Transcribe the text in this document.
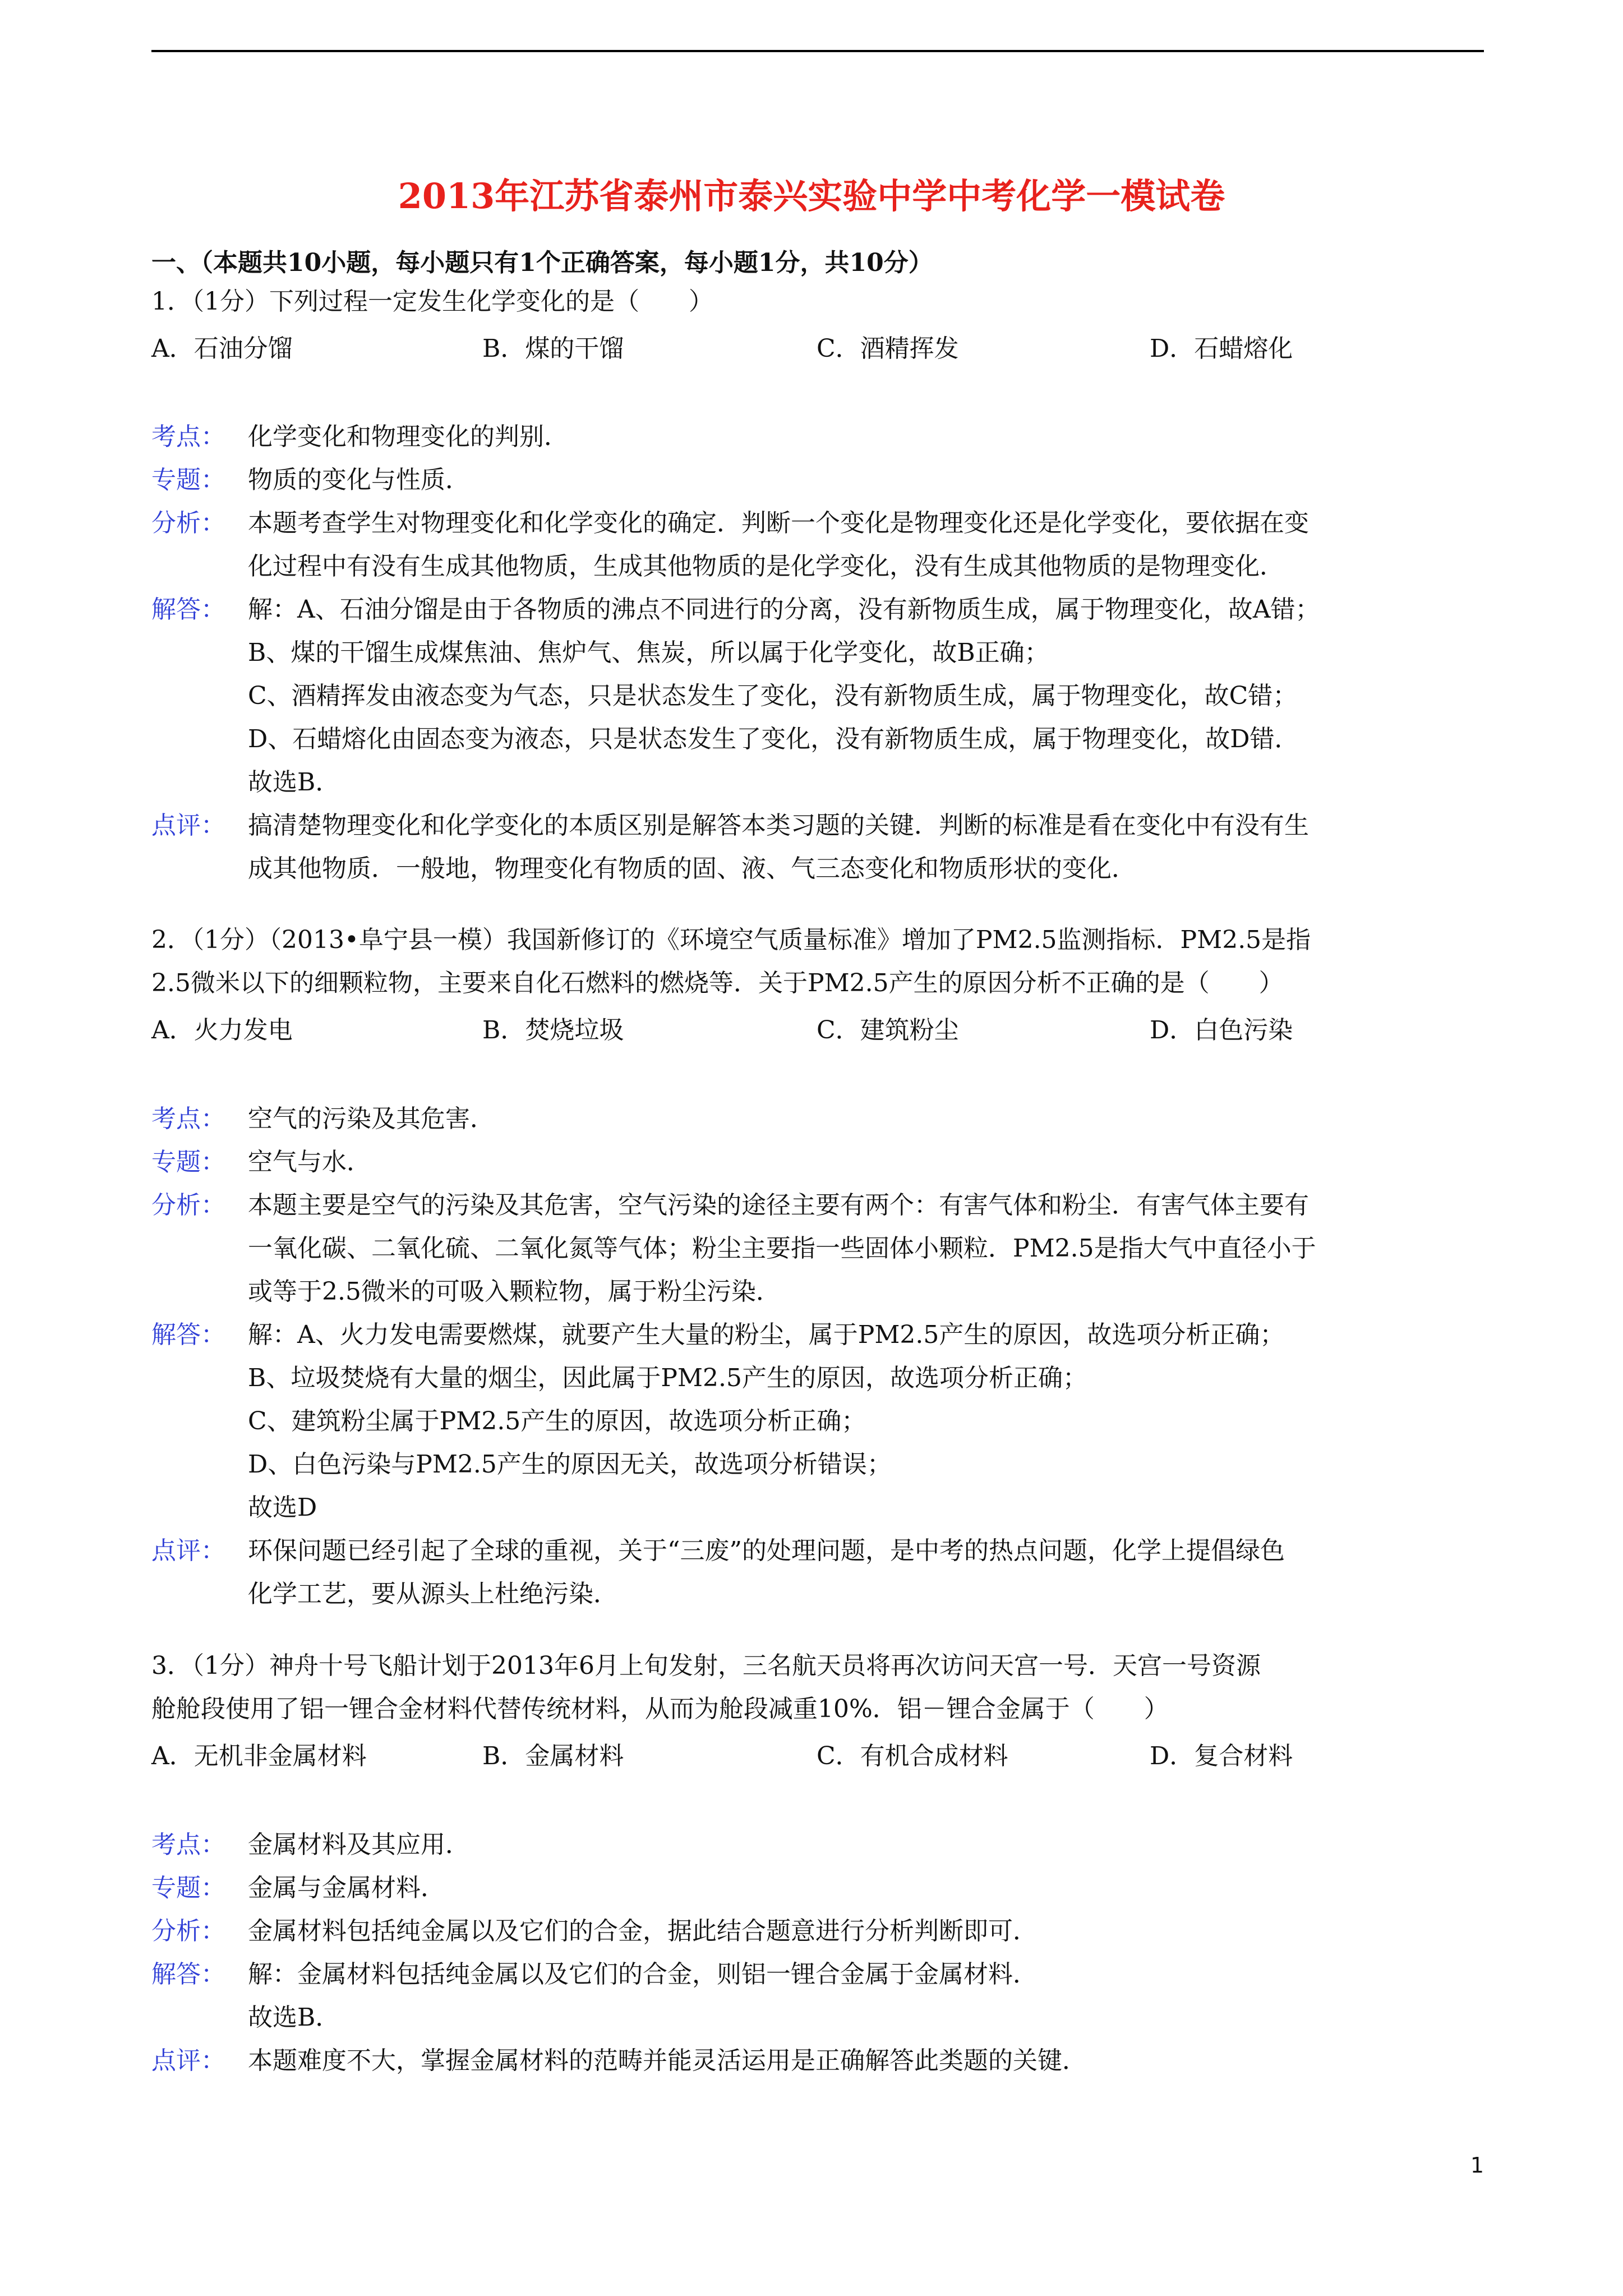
2013年江苏省泰州市泰兴实验中学中考化学一模试卷
一、（本题共10小题，每小题只有1个正确答案，每小题1分，共10分）
1．（1分）下列过程一定发生化学变化的是（　　）
A．石油分馏	B．煤的干馏	C．酒精挥发	D．石蜡熔化
考点： 化学变化和物理变化的判别．
专题： 物质的变化与性质．
分析： 本题考查学生对物理变化和化学变化的确定．判断一个变化是物理变化还是化学变化，要依据在变
化过程中有没有生成其他物质，生成其他物质的是化学变化，没有生成其他物质的是物理变化．
解答： 解：A、石油分馏是由于各物质的沸点不同进行的分离，没有新物质生成，属于物理变化，故A错；
B、煤的干馏生成煤焦油、焦炉气、焦炭，所以属于化学变化，故B正确；
C、酒精挥发由液态变为气态，只是状态发生了变化，没有新物质生成，属于物理变化，故C错；
D、石蜡熔化由固态变为液态，只是状态发生了变化，没有新物质生成，属于物理变化，故D错．
故选B．
点评： 搞清楚物理变化和化学变化的本质区别是解答本类习题的关键．判断的标准是看在变化中有没有生
成其他物质．一般地，物理变化有物质的固、液、气三态变化和物质形状的变化．
2．（1分）（2013•阜宁县一模）我国新修订的《环境空气质量标准》增加了PM2.5监测指标．PM2.5是指
2.5微米以下的细颗粒物，主要来自化石燃料的燃烧等．关于PM2.5产生的原因分析不正确的是（　　）
A．火力发电	B．焚烧垃圾	C．建筑粉尘	D．白色污染
考点： 空气的污染及其危害．
专题： 空气与水．
分析： 本题主要是空气的污染及其危害，空气污染的途径主要有两个：有害气体和粉尘．有害气体主要有
一氧化碳、二氧化硫、二氧化氮等气体；粉尘主要指一些固体小颗粒．PM2.5是指大气中直径小于
或等于2.5微米的可吸入颗粒物，属于粉尘污染．
解答： 解：A、火力发电需要燃煤，就要产生大量的粉尘，属于PM2.5产生的原因，故选项分析正确；
B、垃圾焚烧有大量的烟尘，因此属于PM2.5产生的原因，故选项分析正确；
C、建筑粉尘属于PM2.5产生的原因，故选项分析正确；
D、白色污染与PM2.5产生的原因无关，故选项分析错误；
故选D
点评： 环保问题已经引起了全球的重视，关于“三废”的处理问题，是中考的热点问题，化学上提倡绿色
化学工艺，要从源头上杜绝污染．
3．（1分）神舟十号飞船计划于2013年6月上旬发射，三名航天员将再次访问天宫一号．天宫一号资源
舱舱段使用了铝一锂合金材料代替传统材料，从而为舱段减重10%．铝－锂合金属于（　　）
A．无机非金属材料	B．金属材料	C．有机合成材料	D．复合材料
考点： 金属材料及其应用．
专题： 金属与金属材料．
分析： 金属材料包括纯金属以及它们的合金，据此结合题意进行分析判断即可．
解答： 解：金属材料包括纯金属以及它们的合金，则铝一锂合金属于金属材料．
故选B．
点评： 本题难度不大，掌握金属材料的范畴并能灵活运用是正确解答此类题的关键．
1
